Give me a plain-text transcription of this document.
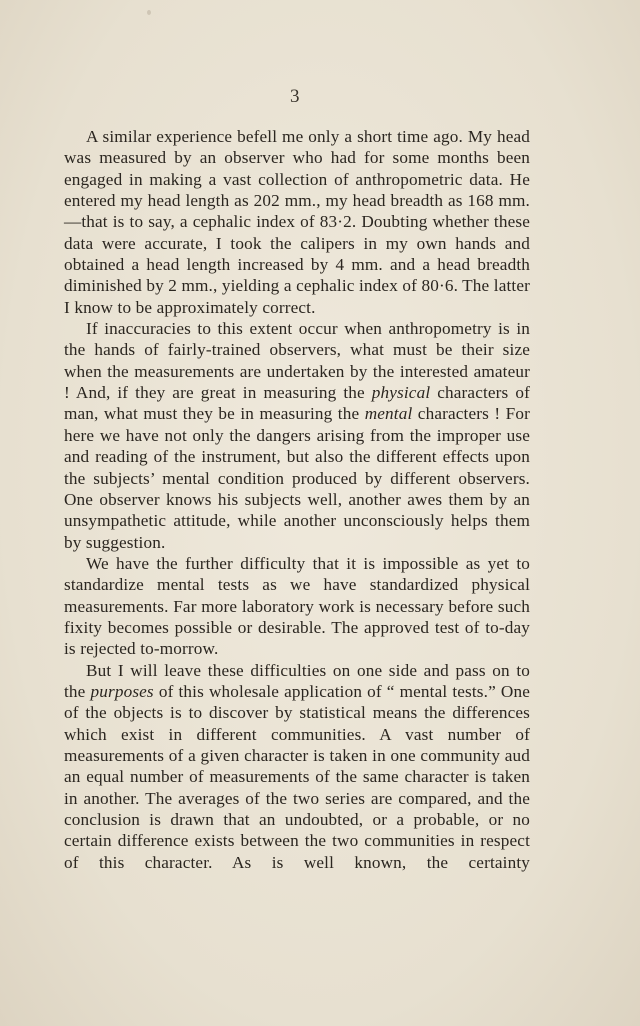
3

A similar experience befell me only a short time ago. My head was measured by an observer who had for some months been engaged in making a vast collection of anthropometric data. He entered my head length as 202 mm., my head breadth as 168 mm.—that is to say, a cephalic index of 83·2. Doubting whether these data were accurate, I took the calipers in my own hands and obtained a head length increased by 4 mm. and a head breadth diminished by 2 mm., yielding a cephalic index of 80·6. The latter I know to be approximately correct.

If inaccuracies to this extent occur when anthropometry is in the hands of fairly-trained observers, what must be their size when the measurements are undertaken by the interested amateur ! And, if they are great in measuring the physical characters of man, what must they be in measuring the mental characters ! For here we have not only the dangers arising from the improper use and reading of the instrument, but also the different effects upon the subjects’ mental condition produced by different observers. One observer knows his subjects well, another awes them by an unsympathetic attitude, while another unconsciously helps them by suggestion.

We have the further difficulty that it is impossible as yet to standardize mental tests as we have standardized physical measurements. Far more laboratory work is necessary before such fixity becomes possible or desirable. The approved test of to-day is rejected to-morrow.

But I will leave these difficulties on one side and pass on to the purposes of this wholesale application of “ mental tests.” One of the objects is to discover by statistical means the differences which exist in different communities. A vast number of measurements of a given character is taken in one community aud an equal number of measurements of the same character is taken in another. The averages of the two series are compared, and the conclusion is drawn that an undoubted, or a probable, or no certain difference exists between the two communities in respect of this character. As is well known, the certainty
